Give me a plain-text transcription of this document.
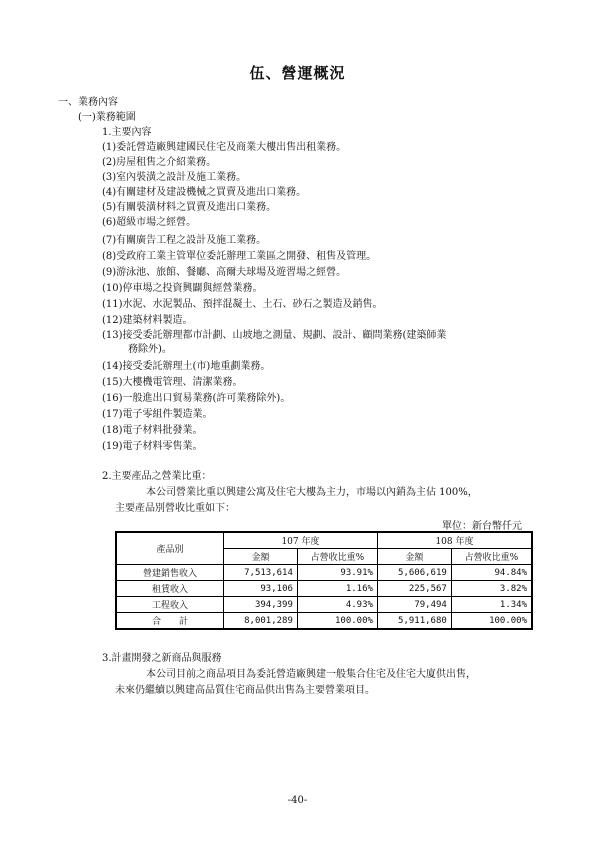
伍、營運概況
一、業務內容
(一)業務範圍
1.主要內容
(1)委託營造廠興建國民住宅及商業大樓出售出租業務。
(2)房屋租售之介紹業務。
(3)室內裝潢之設計及施工業務。
(4)有關建材及建設機械之買賣及進出口業務。
(5)有關裝潢材料之買賣及進出口業務。
(6)超級市場之經營。
(7)有關廣告工程之設計及施工業務。
(8)受政府工業主管單位委託辦理工業區之開發、租售及管理。
(9)游泳池、旅館、餐廳、高爾夫球場及遊習場之經營。
(10)停車場之投資興闢與經營業務。
(11)水泥、水泥製品、預拌混凝土、土石、砂石之製造及銷售。
(12)建築材料製造。
(13)接受委託辦理都市計劃、山坡地之測量、規劃、設計、顧問業務(建築師業
務除外)。
(14)接受委託辦理土(市)地重劃業務。
(15)大樓機電管理、清潔業務。
(16)一般進出口貿易業務(許可業務除外)。
(17)電子零組件製造業。
(18)電子材料批發業。
(19)電子材料零售業。
2.主要產品之營業比重：
本公司營業比重以興建公寓及住宅大樓為主力，市場以內銷為主佔 100%，
主要產品別營收比重如下：
單位：新台幣仟元
產品別	107 年度		108 年度	
	金額	占營收比重%	金額	占營收比重%
營建銷售收入	7,513,614	93.91%	5,606,619	94.84%
租賃收入	93,106	1.16%	225,567	3.82%
工程收入	394,399	4.93%	79,494	1.34%
合　　計	8,001,289	100.00%	5,911,680	100.00%
3.計畫開發之新商品與服務
本公司目前之商品項目為委託營造廠興建一般集合住宅及住宅大廈供出售，
未來仍繼續以興建高品質住宅商品供出售為主要營業項目。
-40-
